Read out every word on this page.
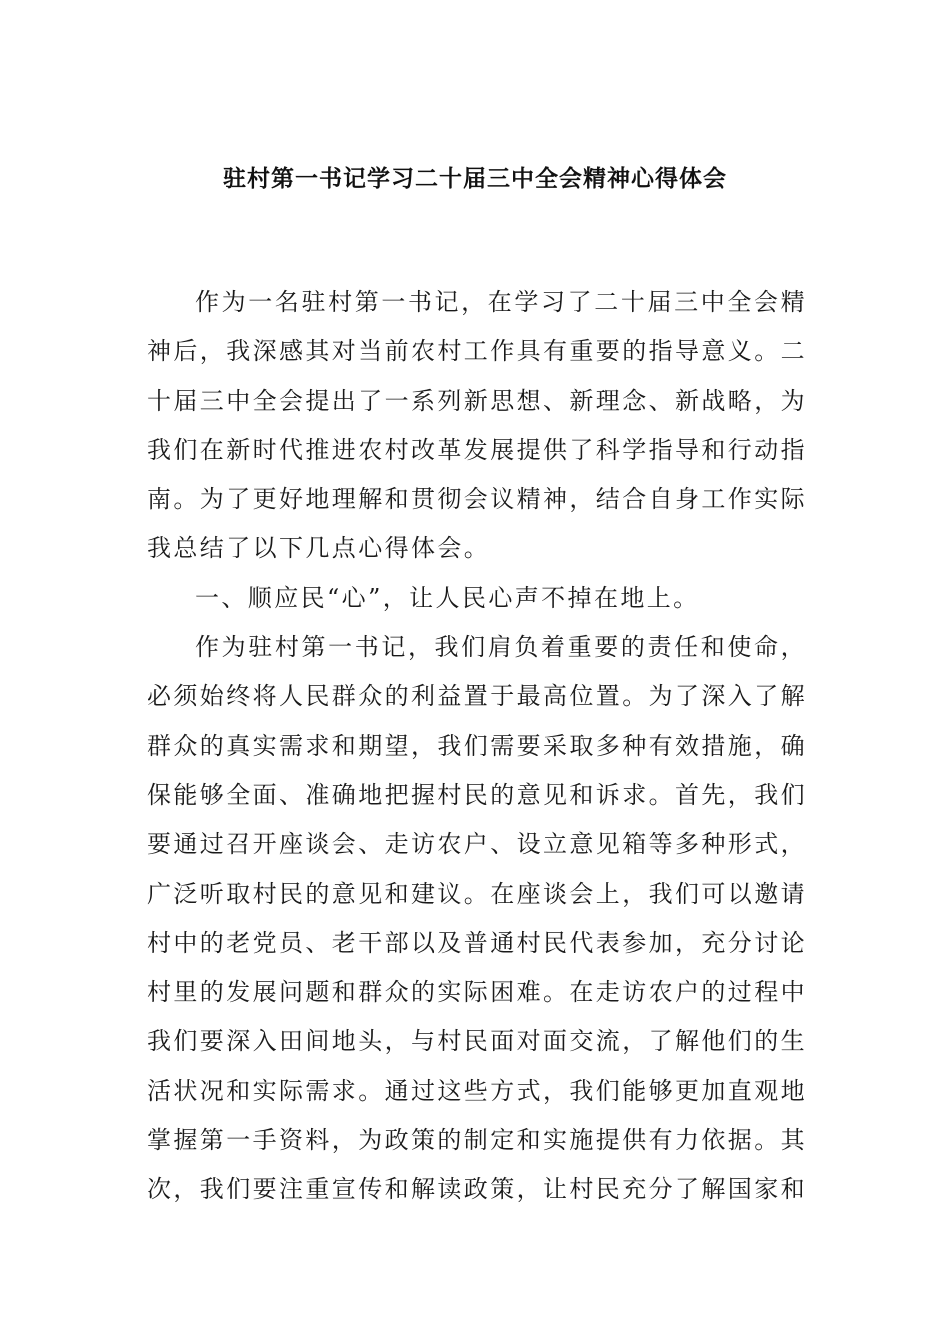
驻村第一书记学习二十届三中全会精神心得体会

作为一名驻村第一书记，在学习了二十届三中全会精神后，我深感其对当前农村工作具有重要的指导意义。二十届三中全会提出了一系列新思想、新理念、新战略，为我们在新时代推进农村改革发展提供了科学指导和行动指南。为了更好地理解和贯彻会议精神，结合自身工作实际我总结了以下几点心得体会。

一、顺应民“心”，让人民心声不掉在地上。

作为驻村第一书记，我们肩负着重要的责任和使命，必须始终将人民群众的利益置于最高位置。为了深入了解群众的真实需求和期望，我们需要采取多种有效措施，确保能够全面、准确地把握村民的意见和诉求。首先，我们要通过召开座谈会、走访农户、设立意见箱等多种形式，广泛听取村民的意见和建议。在座谈会上，我们可以邀请村中的老党员、老干部以及普通村民代表参加，充分讨论村里的发展问题和群众的实际困难。在走访农户的过程中我们要深入田间地头，与村民面对面交流，了解他们的生活状况和实际需求。通过这些方式，我们能够更加直观地掌握第一手资料，为政策的制定和实施提供有力依据。其次，我们要注重宣传和解读政策，让村民充分了解国家和
